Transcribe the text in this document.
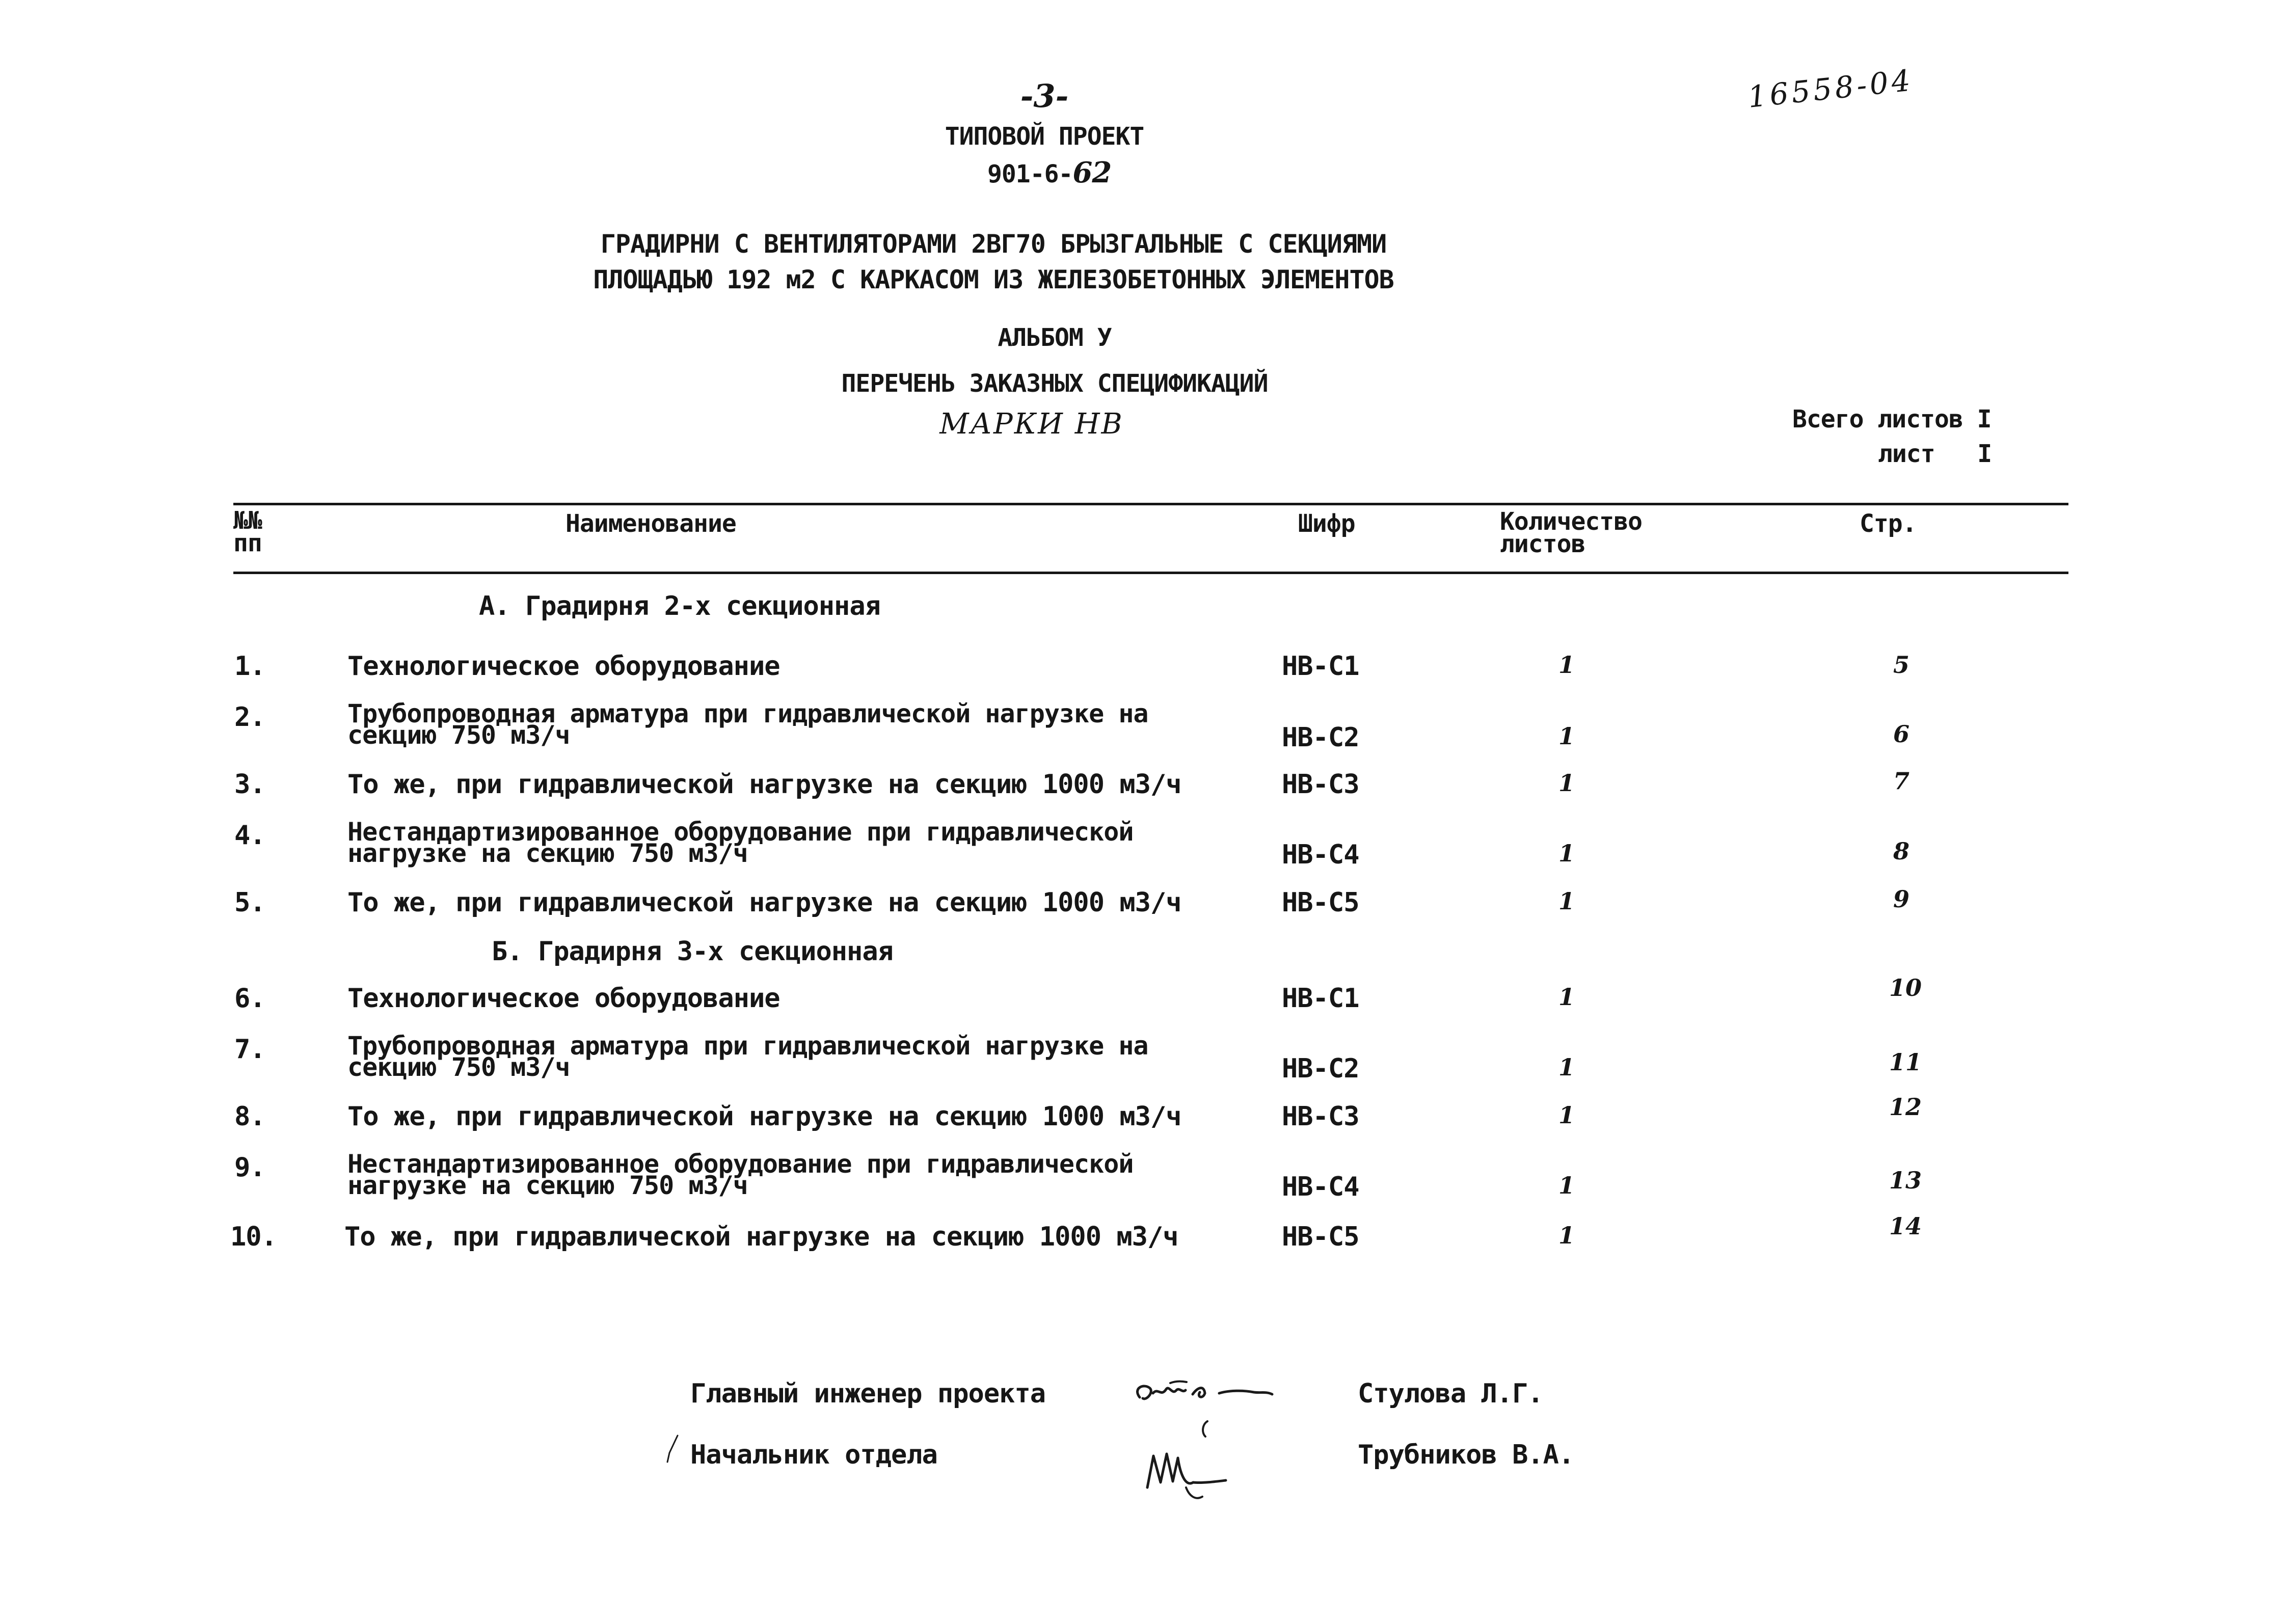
-3-	16558-04
ТИПОВОЙ ПРОЕКТ
901-6-62
ГРАДИРНИ С ВЕНТИЛЯТОРАМИ 2ВГ70 БРЫЗГАЛЬНЫЕ С СЕКЦИЯМИ
ПЛОЩАДЬЮ 192 м2 С КАРКАСОМ ИЗ ЖЕЛЕЗОБЕТОННЫХ ЭЛЕМЕНТОВ
АЛЬБОМ У
ПЕРЕЧЕНЬ ЗАКАЗНЫХ СПЕЦИФИКАЦИЙ
МАРКИ НВ	Всего листов I
лист   I
№№
пп
Наименование	Шифр	Количество
листов
Стр.
А. Градирня 2-х секционная
1.	Технологическое оборудование	НВ-С1	1	5
2.	Трубопроводная арматура при гидравлической нагрузке на
секцию 750 м3/ч	НВ-С2	1	6
3.	То же, при гидравлической нагрузке на секцию 1000 м3/ч	НВ-С3	1	7
4.	Нестандартизированное оборудование при гидравлической
нагрузке на секцию 750 м3/ч	НВ-С4	1	8
5.	То же, при гидравлической нагрузке на секцию 1000 м3/ч	НВ-С5	1	9
Б. Градирня 3-х секционная
6.	Технологическое оборудование	НВ-С1	1	10
7.	Трубопроводная арматура при гидравлической нагрузке на
секцию 750 м3/ч	НВ-С2	1	11
8.	То же, при гидравлической нагрузке на секцию 1000 м3/ч	НВ-С3	1	12
9.	Нестандартизированное оборудование при гидравлической
нагрузке на секцию 750 м3/ч	НВ-С4	1	13
10.	То же, при гидравлической нагрузке на секцию 1000 м3/ч	НВ-С5	1	14
Главный инженер проекта	Стулова Л.Г.
Начальник отдела	Трубников В.А.
